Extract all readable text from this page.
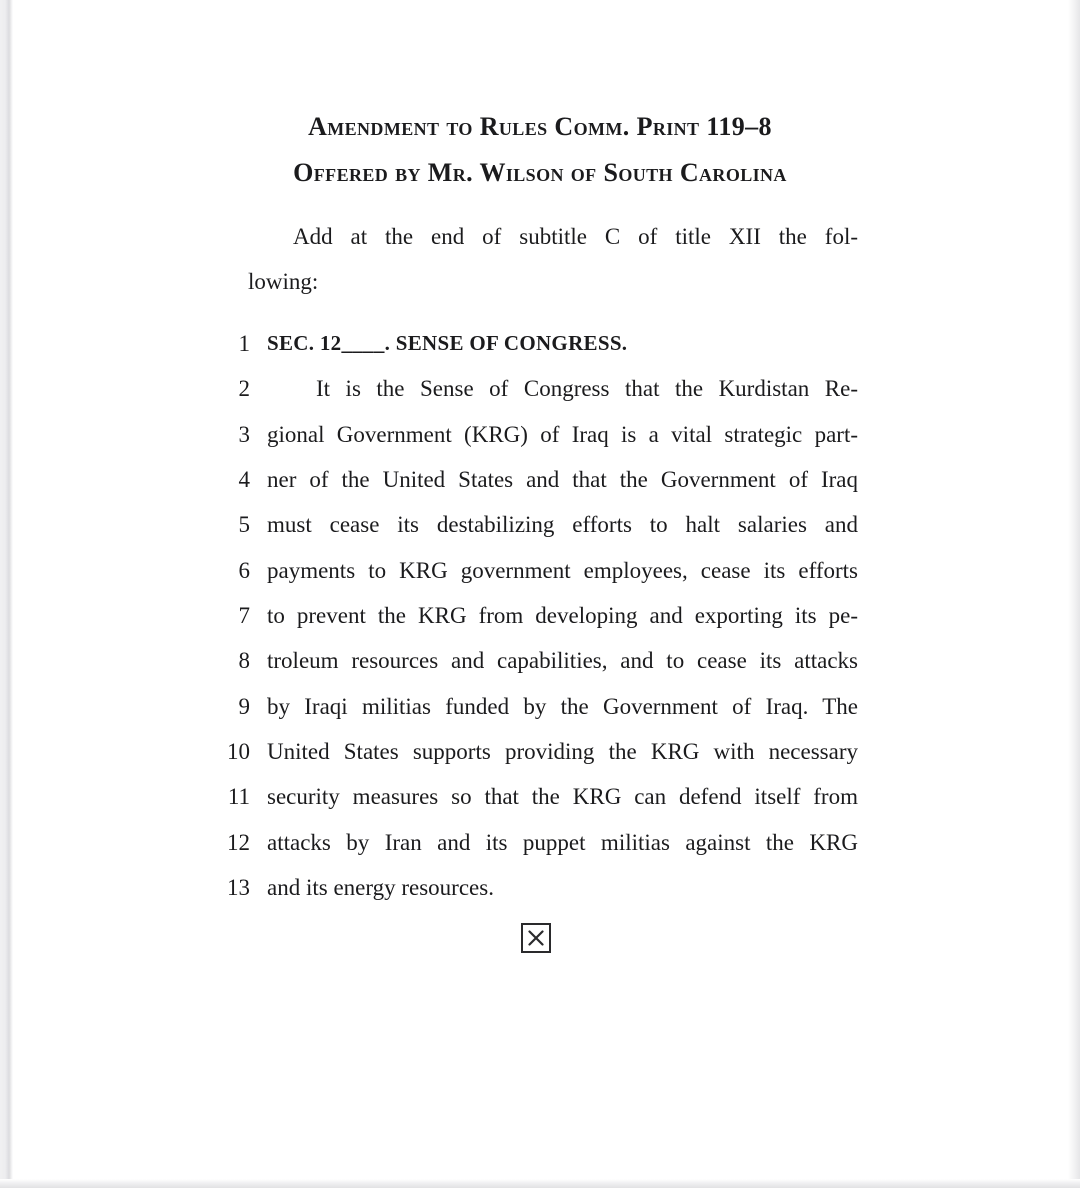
Amendment to Rules Comm. Print 119–8
Offered by Mr. Wilson of South Carolina
Add at the end of subtitle C of title XII the fol-
lowing:
1 SEC. 12____. SENSE OF CONGRESS.
2	It is the Sense of Congress that the Kurdistan Re-
3 gional Government (KRG) of Iraq is a vital strategic part-
4 ner of the United States and that the Government of Iraq
5 must cease its destabilizing efforts to halt salaries and
6 payments to KRG government employees, cease its efforts
7 to prevent the KRG from developing and exporting its pe-
8 troleum resources and capabilities, and to cease its attacks
9 by Iraqi militias funded by the Government of Iraq. The
10 United States supports providing the KRG with necessary
11 security measures so that the KRG can defend itself from
12 attacks by Iran and its puppet militias against the KRG
13 and its energy resources.
